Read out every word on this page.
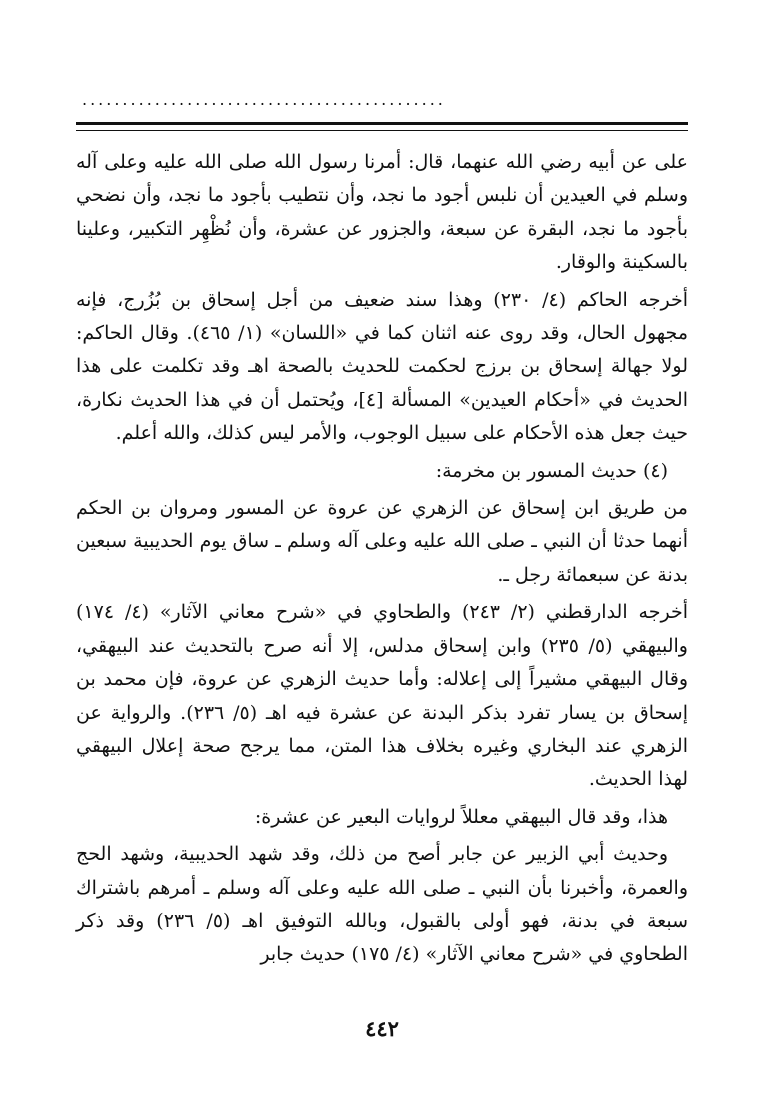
.............................................

على عن أبيه رضي الله عنهما، قال: أمرنا رسول الله صلى الله عليه وعلى آله وسلم في العيدين أن نلبس أجود ما نجد، وأن نتطيب بأجود ما نجد، وأن نضحي بأجود ما نجد، البقرة عن سبعة، والجزور عن عشرة، وأن نُظْهِر التكبير، وعلينا بالسكينة والوقار.

أخرجه الحاكم (٤/ ٢٣٠) وهذا سند ضعيف من أجل إسحاق بن بُزُرج، فإنه مجهول الحال، وقد روى عنه اثنان كما في «اللسان» (١/ ٤٦٥). وقال الحاكم: لولا جهالة إسحاق بن برزج لحكمت للحديث بالصحة اهـ وقد تكلمت على هذا الحديث في «أحكام العيدين» المسألة [٤]، ويُحتمل أن في هذا الحديث نكارة، حيث جعل هذه الأحكام على سبيل الوجوب، والأمر ليس كذلك، والله أعلم.

(٤) حديث المسور بن مخرمة:

من طريق ابن إسحاق عن الزهري عن عروة عن المسور ومروان بن الحكم أنهما حدثا أن النبي ـ صلى الله عليه وعلى آله وسلم ـ ساق يوم الحديبية سبعين بدنة عن سبعمائة رجل ـ.

أخرجه الدارقطني (٢/ ٢٤٣) والطحاوي في «شرح معاني الآثار» (٤/ ١٧٤) والبيهقي (٥/ ٢٣٥) وابن إسحاق مدلس، إلا أنه صرح بالتحديث عند البيهقي، وقال البيهقي مشيراً إلى إعلاله: وأما حديث الزهري عن عروة، فإن محمد بن إسحاق بن يسار تفرد بذكر البدنة عن عشرة فيه اهـ (٥/ ٢٣٦). والرواية عن الزهري عند البخاري وغيره بخلاف هذا المتن، مما يرجح صحة إعلال البيهقي لهذا الحديث.

هذا، وقد قال البيهقي معللاً لروايات البعير عن عشرة:

وحديث أبي الزبير عن جابر أصح من ذلك، وقد شهد الحديبية، وشهد الحج والعمرة، وأخبرنا بأن النبي ـ صلى الله عليه وعلى آله وسلم ـ أمرهم باشتراك سبعة في بدنة، فهو أولى بالقبول، وبالله التوفيق اهـ (٥/ ٢٣٦) وقد ذكر الطحاوي في «شرح معاني الآثار» (٤/ ١٧٥) حديث جابر

٤٤٢
